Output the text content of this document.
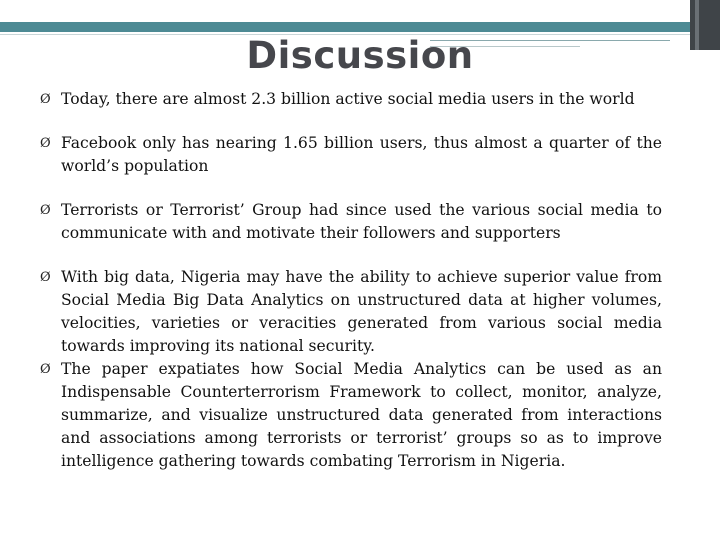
Discussion
Ø Today, there are almost 2.3 billion active social media users in the world
Ø Facebook only has nearing 1.65 billion users, thus almost a quarter of the world’s population
Ø Terrorists or Terrorist’ Group had since used the various social media to communicate with and motivate their followers and supporters
Ø With big data, Nigeria may have the ability to achieve superior value from Social Media Big Data Analytics on unstructured data at higher volumes, velocities, varieties or veracities generated from various social media towards improving its national security.
Ø The paper expatiates how Social Media Analytics can be used as an Indispensable Counterterrorism Framework to collect, monitor, analyze, summarize, and visualize unstructured data generated from interactions and associations among terrorists or terrorist’ groups so as to improve intelligence gathering towards combating Terrorism in Nigeria.
